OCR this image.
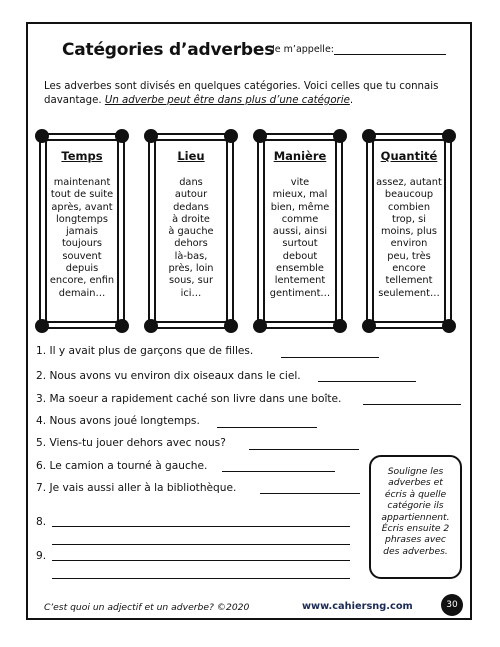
Catégories d’adverbes
Je m’appelle:
Les adverbes sont divisés en quelques catégories. Voici celles que tu connais
davantage. Un adverbe peut être dans plus d’une catégorie.
Temps
maintenant
tout de suite
après, avant
longtemps
jamais
toujours
souvent
depuis
encore, enfin
demain…
Lieu
dans
autour
dedans
à droite
à gauche
dehors
là-bas,
près, loin
sous, sur
ici…
Manière
vite
mieux, mal
bien, même
comme
aussi, ainsi
surtout
debout
ensemble
lentement
gentiment…
Quantité
assez, autant
beaucoup
combien
trop, si
moins, plus
environ
peu, très
encore
tellement
seulement…
1. Il y avait plus de garçons que de filles.
2. Nous avons vu environ dix oiseaux dans le ciel.
3. Ma soeur a rapidement caché son livre dans une boîte.
4. Nous avons joué longtemps.
5. Viens-tu jouer dehors avec nous?
6. Le camion a tourné à gauche.
7. Je vais aussi aller à la bibliothèque.
8.
9.
Souligne les
adverbes et
écris à quelle
catégorie ils
appartiennent.
Écris ensuite 2
phrases avec
des adverbes.
C’est quoi un adjectif et un adverbe? ©2020	www.cahiersng.com	30
